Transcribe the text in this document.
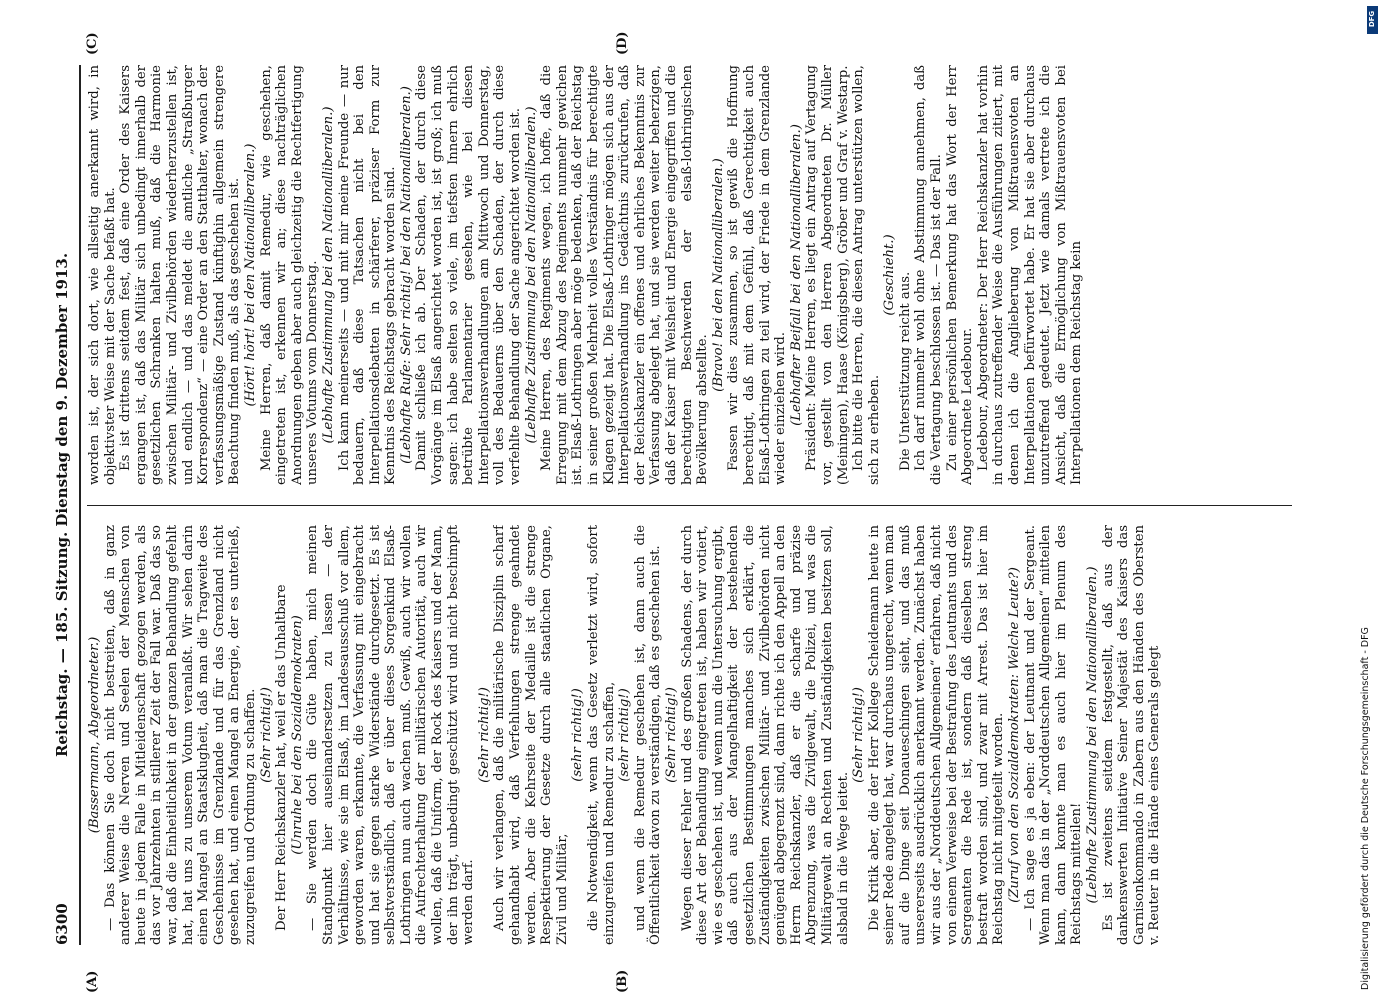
6300
Reichstag. — 185. Sitzung. Dienstag den 9. Dezember 1913.
(A)	(B)
(C)	(D)

(Bassermann, Abgeordneter.) — Das können Sie doch nicht bestreiten, daß in ganz anderer Weise die Nerven und Seelen der Menschen von heute in jedem Falle in Mitleidenschaft gezogen werden, als das vor Jahrzehnten in stillerer Zeit der Fall war. Daß das so war, daß die Einheitlichkeit in der ganzen Behandlung gefehlt hat, hat uns zu unserem Votum veranlaßt. Wir sehen darin einen Mangel an Staatsklugheit, daß man die Tragweite des Geschehnisse im Grenzlande und für das Grenzland nicht gesehen hat, und einen Mangel an Energie, der es unterließ, zuzugreifen und Ordnung zu schaffen. (Sehr richtig!) Der Herr Reichskanzler hat, weil er das Unhaltbare (Unruhe bei den Sozialdemokraten) — Sie werden doch die Güte haben, mich meinen Standpunkt hier auseinandersetzen zu lassen — der Verhältnisse, wie sie im Elsaß, im Landesausschuß vor allem, geworden waren, erkannte, die Verfassung mit eingebracht und hat sie gegen starke Widerstände durchgesetzt. Es ist selbstverständlich, daß er über dieses Sorgenkind Elsaß-Lothringen nun auch wachen muß. Gewiß, auch wir wollen die Aufrechterhaltung der militärischen Autorität, auch wir wollen, daß die Uniform, der Rock des Kaisers und der Mann, der ihn trägt, unbedingt geschützt wird und nicht beschimpft werden darf.

(Sehr richtig!) Auch wir verlangen, daß die militärische Disziplin scharf gehandhabt wird, daß Verfehlungen strenge geahndet werden. Aber die Kehrseite der Medaille ist die strenge Respektierung der Gesetze durch alle staatlichen Organe, Zivil und Militär,

(sehr richtig!) die Notwendigkeit, wenn das Gesetz verletzt wird, sofort einzugreifen und Remedur zu schaffen, (sehr richtig!) und wenn die Remedur geschehen ist, dann auch die Öffentlichkeit davon zu verständigen, daß es geschehen ist. (Sehr richtig!) Wegen dieser Fehler und des großen Schadens, der durch diese Art der Behandlung eingetreten ist, haben wir votiert, wie es geschehen ist, und wenn nun die Untersuchung ergibt, daß auch aus der Mangelhaftigkeit der bestehenden gesetzlichen Bestimmungen manches sich erklärt, die Zuständigkeiten zwischen Militär- und Zivilbehörden nicht genügend abgegrenzt sind, dann richte ich den Appell an den Herrn Reichskanzler, daß er die scharfe und präzise Abgrenzung, was die Zivilgewalt, die Polizei, und was die Militärgewalt an Rechten und Zuständigkeiten besitzen soll, alsbald in die Wege leitet.

(Sehr richtig!) Die Kritik aber, die der Herr Kollege Scheidemann heute in seiner Rede angelegt hat, war durchaus ungerecht, wenn man auf die Dinge seit Donaueschingen sieht, und das muß unsererseits ausdrücklich anerkannt werden. Zunächst haben wir aus der „Norddeutschen Allgemeinen“ erfahren, daß nicht von einem Verweise bei der Bestrafung des Leutnants und des Sergeanten die Rede ist, sondern daß dieselben streng bestraft worden sind, und zwar mit Arrest. Das ist hier im Reichstag nicht mitgeteilt worden. (Zuruf von den Sozialdemokraten: Welche Leute?) — Ich sage es ja eben: der Leutnant und der Sergeant. Wenn man das in der „Norddeutschen Allgemeinen“ mitteilen kann, dann konnte man es auch hier im Plenum des Reichstags mitteilen! (Lebhafte Zustimmung bei den Nationalliberalen.) Es ist zweitens seitdem festgestellt, daß aus der dankenswerten Initiative Seiner Majestät des Kaisers das Garnisonkommando in Zabern aus den Händen des Obersten v. Reuter in die Hände eines Generals gelegt

worden ist, der sich dort, wie allseitig anerkannt wird, in objektivster Weise mit der Sache befaßt hat. Es ist drittens seitdem fest, daß eine Order des Kaisers ergangen ist, daß das Militär sich unbedingt innerhalb der gesetzlichen Schranken halten muß, daß die Harmonie zwischen Militär- und Zivilbehörden wiederherzustellen ist, und endlich — und das meldet die amtliche „Straßburger Korrespondenz“ — eine Order an den Statthalter, wonach der verfassungsmäßige Zustand künftighin allgemein strengere Beachtung finden muß, als das geschehen ist. (Hört! hört! bei den Nationalliberalen.) Meine Herren, daß damit Remedur, wie geschehen, eingetreten ist, erkennen wir an; diese nachträglichen Anordnungen geben aber auch gleichzeitig die Rechtfertigung unseres Votums vom Donnerstag. (Lebhafte Zustimmung bei den Nationalliberalen.) Ich kann meinerseits — und mit mir meine Freunde — nur bedauern, daß diese Tatsachen nicht bei den Interpellationsdebatten in schärferer, präziser Form zur Kenntnis des Reichstags gebracht worden sind. (Lebhafte Rufe: Sehr richtig! bei den Nationalliberalen.) Damit schließe ich ab. Der Schaden, der durch diese Vorgänge im Elsaß angerichtet worden ist, ist groß; ich muß sagen: ich habe selten so viele, im tiefsten Innern ehrlich betrübte Parlamentarier gesehen, wie bei diesen Interpellationsverhandlungen am Mittwoch und Donnerstag, voll des Bedauerns über den Schaden, der durch diese verfehlte Behandlung der Sache angerichtet worden ist. (Lebhafte Zustimmung bei den Nationalliberalen.) Meine Herren, des Regiments wegen, ich hoffe, daß die Erregung mit dem Abzug des Regiments nunmehr gewichen ist. Elsaß-Lothringen aber möge bedenken, daß der Reichstag in seiner großen Mehrheit volles Verständnis für berechtigte Klagen gezeigt hat. Die Elsaß-Lothringer mögen sich aus der Interpellationsverhandlung ins Gedächtnis zurückrufen, daß der Reichskanzler ein offenes und ehrliches Bekenntnis zur Verfassung abgelegt hat, und sie werden weiter beherzigen, daß der Kaiser mit Weisheit und Energie eingegriffen und die berechtigten Beschwerden der elsaß-lothringischen Bevölkerung abstellte.

(Bravo! bei den Nationalliberalen.) Fassen wir dies zusammen, so ist gewiß die Hoffnung berechtigt, daß mit dem Gefühl, daß Gerechtigkeit auch Elsaß-Lothringen zu teil wird, der Friede in dem Grenzlande wieder einziehen wird. (Lebhafter Beifall bei den Nationalliberalen.) Präsident: Meine Herren, es liegt ein Antrag auf Vertagung vor, gestellt von den Herren Abgeordneten Dr. Müller (Meiningen), Haase (Königsberg), Gröber und Graf v. Westarp. Ich bitte die Herren, die diesen Antrag unterstützen wollen, sich zu erheben.

(Geschieht.) Die Unterstützung reicht aus. Ich darf nunmehr wohl ohne Abstimmung annehmen, daß die Vertagung beschlossen ist. — Das ist der Fall. Zu einer persönlichen Bemerkung hat das Wort der Herr Abgeordnete Ledebour. Ledebour, Abgeordneter: Der Herr Reichskanzler hat vorhin in durchaus zutreffender Weise die Ausführungen zitiert, mit denen ich die Anglieberung von Mißtrauensvoten an Interpellationen befürwortet habe. Er hat sie aber durchaus unzutreffend gedeutet. Jetzt wie damals vertrete ich die Ansicht, daß die Ermöglichung von Mißtrauensvoten bei Interpellationen dem Reichstag kein

Digitalisierung gefördert durch die Deutsche Forschungsgemeinschaft - DFG
DFG
